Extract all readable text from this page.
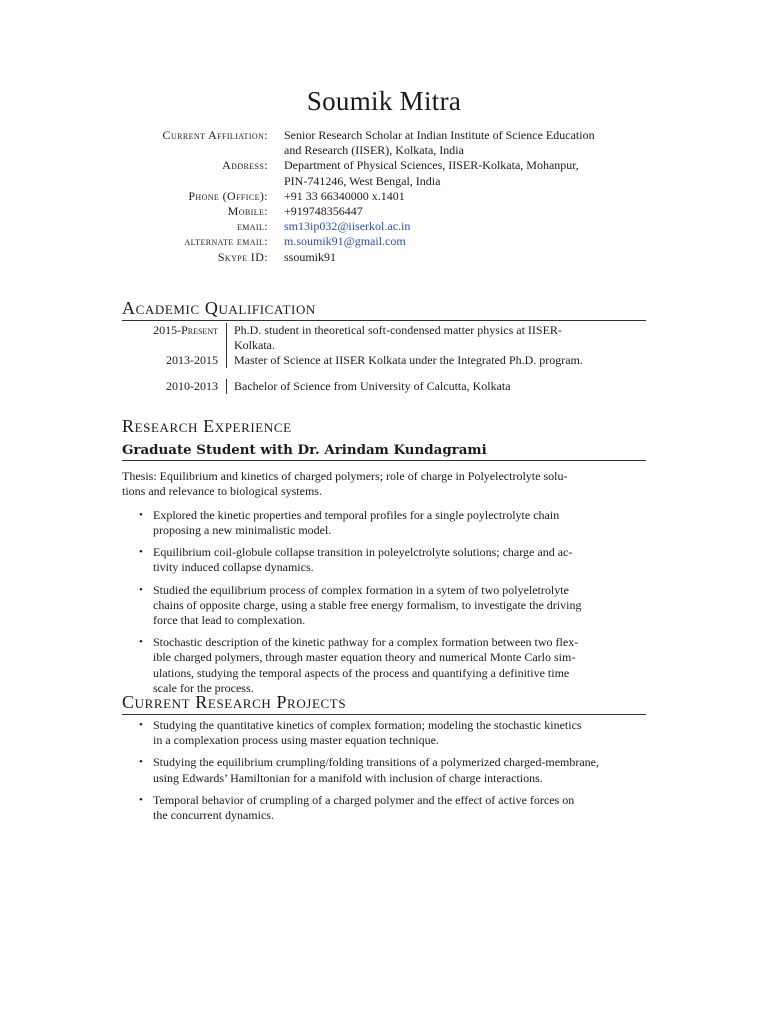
Soumik Mitra
Current Affiliation:	Senior Research Scholar at Indian Institute of Science Education
and Research (IISER), Kolkata, India
Address:	Department of Physical Sciences, IISER-Kolkata, Mohanpur,
PIN-741246, West Bengal, India
Phone (Office):	+91 33 66340000 x.1401
Mobile:	+919748356447
email:	sm13ip032@iiserkol.ac.in
alternate email:	m.soumik91@gmail.com
Skype ID:	ssoumik91
Academic Qualification
2015-Present	Ph.D. student in theoretical soft-condensed matter physics at IISER-
Kolkata.
2013-2015	Master of Science at IISER Kolkata under the Integrated Ph.D. program.
2010-2013	Bachelor of Science from University of Calcutta, Kolkata
Research Experience
Graduate Student with Dr. Arindam Kundagrami
Thesis: Equilibrium and kinetics of charged polymers; role of charge in Polyelectrolyte solu-
tions and relevance to biological systems.
• Explored the kinetic properties and temporal profiles for a single poylectrolyte chain
proposing a new minimalistic model.
• Equilibrium coil-globule collapse transition in poleyelctrolyte solutions; charge and ac-
tivity induced collapse dynamics.
• Studied the equilibrium process of complex formation in a sytem of two polyeletrolyte
chains of opposite charge, using a stable free energy formalism, to investigate the driving
force that lead to complexation.
• Stochastic description of the kinetic pathway for a complex formation between two flex-
ible charged polymers, through master equation theory and numerical Monte Carlo sim-
ulations, studying the temporal aspects of the process and quantifying a definitive time
scale for the process.
Current Research Projects
• Studying the quantitative kinetics of complex formation; modeling the stochastic kinetics
in a complexation process using master equation technique.
• Studying the equilibrium crumpling/folding transitions of a polymerized charged-membrane,
using Edwards’ Hamiltonian for a manifold with inclusion of charge interactions.
• Temporal behavior of crumpling of a charged polymer and the effect of active forces on
the concurrent dynamics.
